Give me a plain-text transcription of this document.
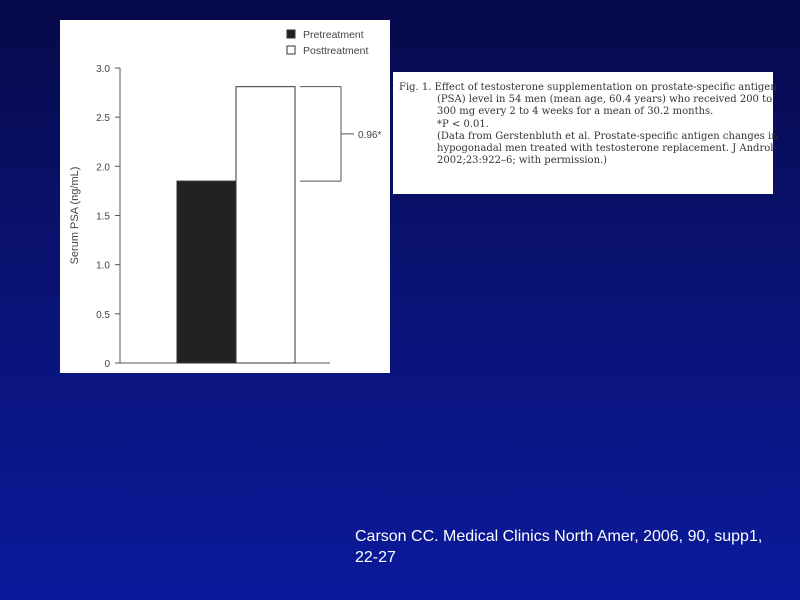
0
0.5
1.0
1.5
2.0
2.5
3.0
Serum PSA (ng/mL)
0.96*
Pretreatment
Posttreatment
Fig. 1. Effect of testosterone supplementation on prostate-specific antigen
(PSA) level in 54 men (mean age, 60.4 years) who received 200 to
300 mg every 2 to 4 weeks for a mean of 30.2 months.
*P < 0.01.
(Data from Gerstenbluth et al. Prostate-specific antigen changes in
hypogonadal men treated with testosterone replacement. J Androl
2002;23:922–6; with permission.)
Carson CC. Medical Clinics North Amer, 2006, 90, supp1, 22-27
